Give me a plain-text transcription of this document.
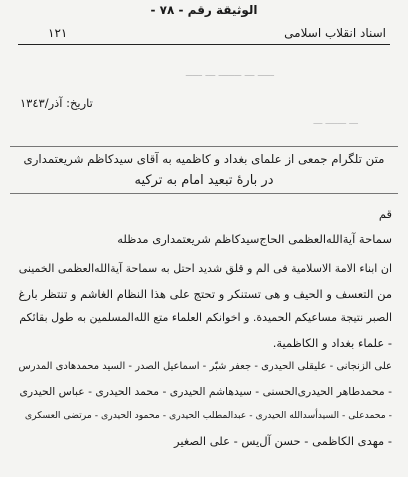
الوثيقة رقم - ٧٨ -
اسناد انقلاب اسلامى
١٢١
ـــــ ـــ ـــــــ ـــ ـــــ
ـــ ـــــــ ـــ
تاريخ: آذر/١٣٤٣
متن تلگرام جمعى از علماى بغداد و كاظميه به آقاى سيدكاظم شريعتمدارى
در بارهٔ تبعيد امام به تركيه
قم
سماحة آية‌الله‌العظمى الحاج‌سيدكاظم شريعتمدارى مدظله
ان ابناء الامة الاسلامية فى الم و قلق شديد احتل به سماحة آية‌الله‌العظمى الخمينى
من التعسف و الحيف و هى تستنكر و تحتج على هذا النظام الغاشم و تنتظر بارغ
الصبر نتيجة مساعيكم الحميدة. و اخوانكم العلماء متع الله‌المسلمين به طول بقائكم
- علماء بغداد و الكاظمية.
على الزنجانى - عليقلى الحيدرى - جعفر شبّر - اسماعيل الصدر - السيد محمدهادى المدرس
- محمدطاهر الحيدرى‌الحسنى - سيدهاشم الحيدرى - محمد الحيدرى - عباس الحيدرى
- محمدعلى - السيدأسدالله الحيدرى - عبدالمطلب الحيدرى - محمود الحيدرى - مرتضى العسكرى
- مهدى الكاظمى - حسن آل‌يس - على الصغير
